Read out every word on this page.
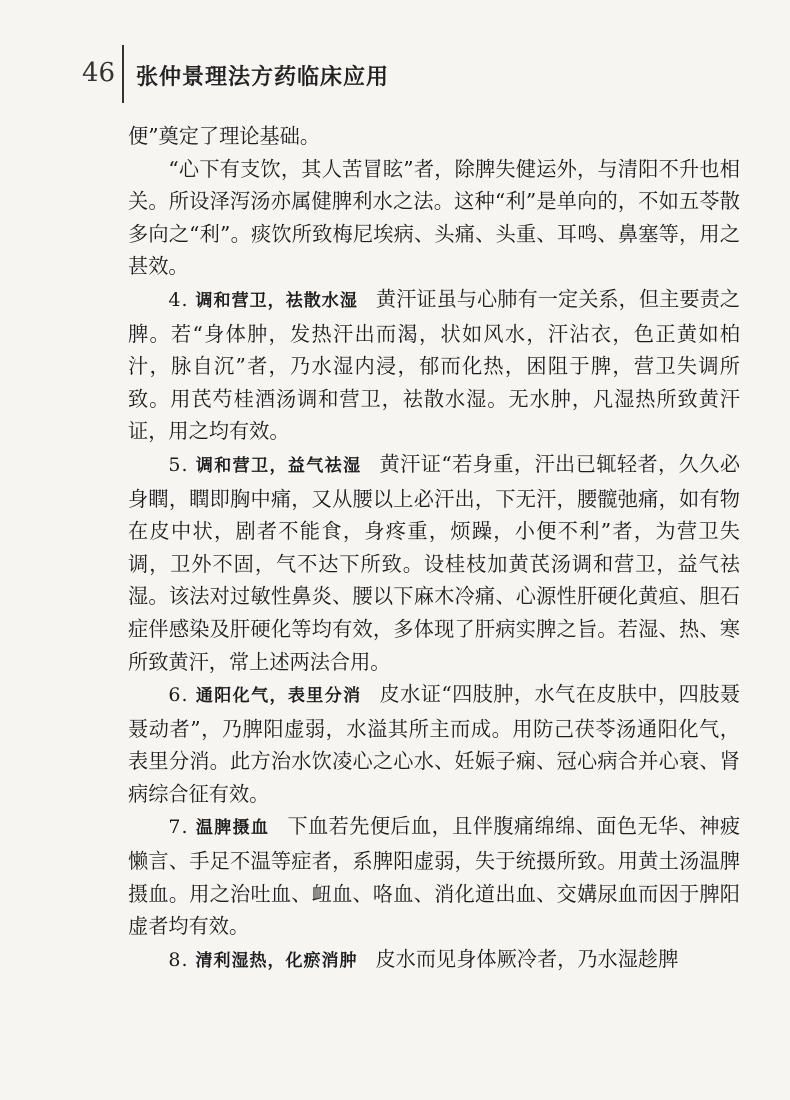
46 张仲景理法方药临床应用

便”奠定了理论基础。

“心下有支饮，其人苦冒眩”者，除脾失健运外，与清阳不升也相关。所设泽泻汤亦属健脾利水之法。这种“利”是单向的，不如五苓散多向之“利”。痰饮所致梅尼埃病、头痛、头重、耳鸣、鼻塞等，用之甚效。

4. 调和营卫，祛散水湿 黄汗证虽与心肺有一定关系，但主要责之脾。若“身体肿，发热汗出而渴，状如风水，汗沾衣，色正黄如柏汁，脉自沉”者，乃水湿内浸，郁而化热，困阻于脾，营卫失调所致。用芪芍桂酒汤调和营卫，祛散水湿。无水肿，凡湿热所致黄汗证，用之均有效。

5. 调和营卫，益气祛湿 黄汗证“若身重，汗出已辄轻者，久久必身瞤，瞤即胸中痛，又从腰以上必汗出，下无汗，腰髋弛痛，如有物在皮中状，剧者不能食，身疼重，烦躁，小便不利”者，为营卫失调，卫外不固，气不达下所致。设桂枝加黄芪汤调和营卫，益气祛湿。该法对过敏性鼻炎、腰以下麻木冷痛、心源性肝硬化黄疸、胆石症伴感染及肝硬化等均有效，多体现了肝病实脾之旨。若湿、热、寒所致黄汗，常上述两法合用。

6. 通阳化气，表里分消 皮水证“四肢肿，水气在皮肤中，四肢聂聂动者”，乃脾阳虚弱，水溢其所主而成。用防己茯苓汤通阳化气，表里分消。此方治水饮凌心之心水、妊娠子痫、冠心病合并心衰、肾病综合征有效。

7. 温脾摄血 下血若先便后血，且伴腹痛绵绵、面色无华、神疲懒言、手足不温等症者，系脾阳虚弱，失于统摄所致。用黄土汤温脾摄血。用之治吐血、衄血、咯血、消化道出血、交媾尿血而因于脾阳虚者均有效。

8. 清利湿热，化瘀消肿 皮水而见身体厥冷者，乃水湿趁脾
